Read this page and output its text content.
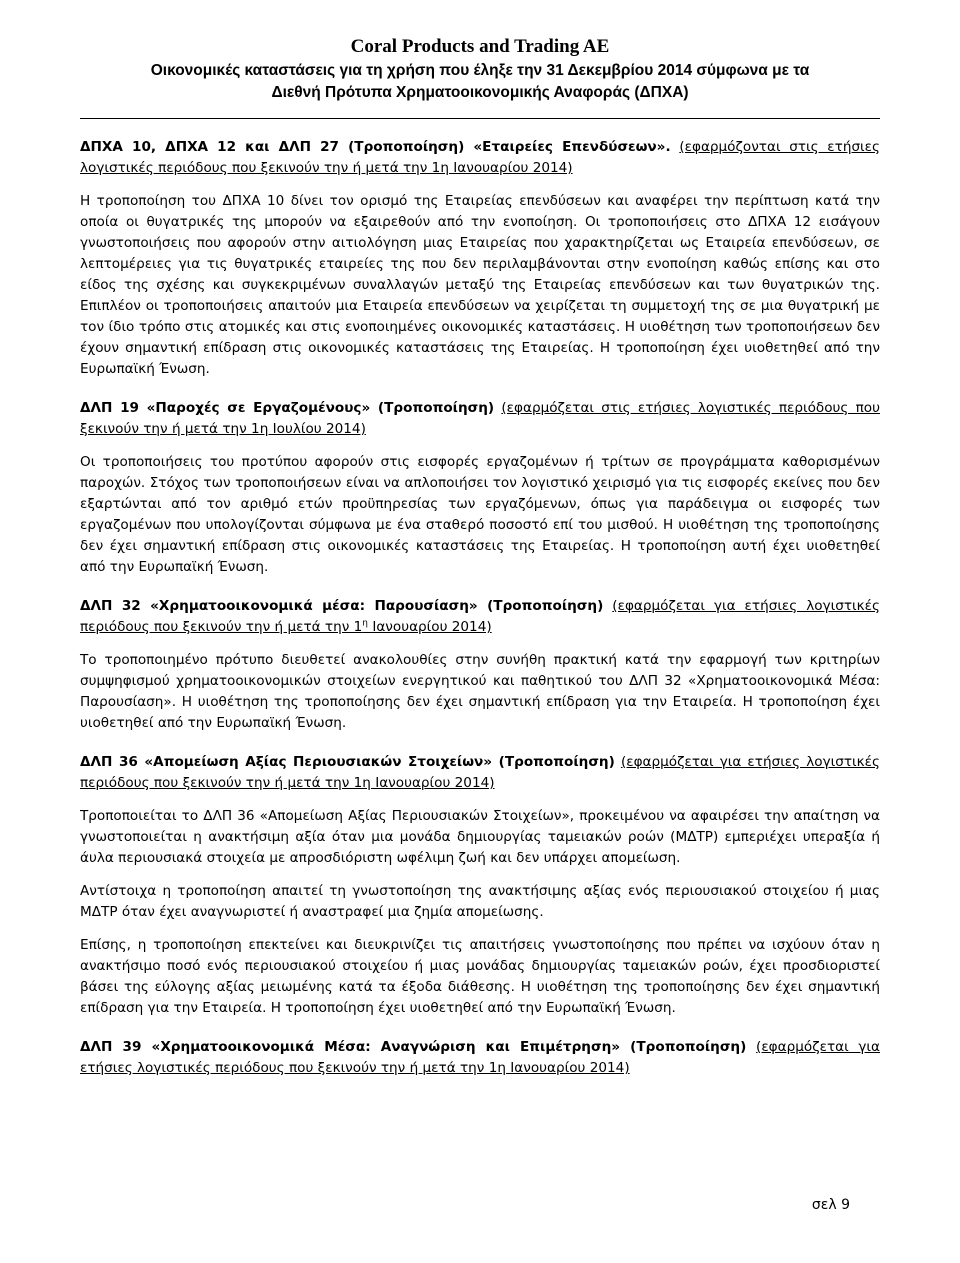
Coral Products and Trading AE

Οικονομικές καταστάσεις για τη χρήση που έληξε την 31 Δεκεμβρίου 2014 σύμφωνα με τα

Διεθνή Πρότυπα Χρηματοοικονομικής Αναφοράς (ΔΠΧΑ)

ΔΠΧΑ 10, ΔΠΧΑ 12 και ΔΛΠ 27 (Τροποποίηση) «Εταιρείες Επενδύσεων». (εφαρμόζονται στις ετήσιες λογιστικές περιόδους που ξεκινούν την ή μετά την 1η Ιανουαρίου 2014)

Η τροποποίηση του ΔΠΧΑ 10 δίνει τον ορισμό της Εταιρείας επενδύσεων και αναφέρει την περίπτωση κατά την οποία οι θυγατρικές της μπορούν να εξαιρεθούν από την ενοποίηση. Οι τροποποιήσεις στο ΔΠΧΑ 12 εισάγουν γνωστοποιήσεις που αφορούν στην αιτιολόγηση μιας Εταιρείας που χαρακτηρίζεται ως Εταιρεία επενδύσεων, σε λεπτομέρειες για τις θυγατρικές εταιρείες της που δεν περιλαμβάνονται στην ενοποίηση καθώς επίσης και στο είδος της σχέσης και συγκεκριμένων συναλλαγών μεταξύ της Εταιρείας επενδύσεων και των θυγατρικών της. Επιπλέον οι τροποποιήσεις απαιτούν μια Εταιρεία επενδύσεων να χειρίζεται τη συμμετοχή της σε μια θυγατρική με τον ίδιο τρόπο στις ατομικές και στις ενοποιημένες οικονομικές καταστάσεις. Η υιοθέτηση των τροποποιήσεων δεν έχουν σημαντική επίδραση στις οικονομικές καταστάσεις της Εταιρείας. Η τροποποίηση έχει υιοθετηθεί από την Ευρωπαϊκή Ένωση.

ΔΛΠ 19 «Παροχές σε Εργαζομένους» (Τροποποίηση) (εφαρμόζεται στις ετήσιες λογιστικές περιόδους που ξεκινούν την ή μετά την 1η Ιουλίου 2014)

Οι τροποποιήσεις του προτύπου αφορούν στις εισφορές εργαζομένων ή τρίτων σε προγράμματα καθορισμένων παροχών. Στόχος των τροποποιήσεων είναι να απλοποιήσει τον λογιστικό χειρισμό για τις εισφορές εκείνες που δεν εξαρτώνται από τον αριθμό ετών προϋπηρεσίας των εργαζόμενων, όπως για παράδειγμα οι εισφορές των εργαζομένων που υπολογίζονται σύμφωνα με ένα σταθερό ποσοστό επί του μισθού. Η υιοθέτηση της τροποποίησης δεν έχει σημαντική επίδραση στις οικονομικές καταστάσεις της Εταιρείας. Η τροποποίηση αυτή έχει υιοθετηθεί από την Ευρωπαϊκή Ένωση.

ΔΛΠ 32 «Χρηματοοικονομικά μέσα: Παρουσίαση» (Τροποποίηση) (εφαρμόζεται για ετήσιες λογιστικές περιόδους που ξεκινούν την ή μετά την $1^\eta$ Ιανουαρίου 2014)

Το τροποποιημένο πρότυπο διευθετεί ανακολουθίες στην συνήθη πρακτική κατά την εφαρμογή των κριτηρίων συμψηφισμού χρηματοοικονομικών στοιχείων ενεργητικού και παθητικού του ΔΛΠ 32 «Χρηματοοικονομικά Μέσα: Παρουσίαση». Η υιοθέτηση της τροποποίησης δεν έχει σημαντική επίδραση για την Εταιρεία. Η τροποποίηση έχει υιοθετηθεί από την Ευρωπαϊκή Ένωση.

ΔΛΠ 36 «Απομείωση Αξίας Περιουσιακών Στοιχείων» (Τροποποίηση) (εφαρμόζεται για ετήσιες λογιστικές περιόδους που ξεκινούν την ή μετά την 1η Ιανουαρίου 2014)

Τροποποιείται το ΔΛΠ 36 «Απομείωση Αξίας Περιουσιακών Στοιχείων», προκειμένου να αφαιρέσει την απαίτηση να γνωστοποιείται η ανακτήσιμη αξία όταν μια μονάδα δημιουργίας ταμειακών ροών (ΜΔΤΡ) εμπεριέχει υπεραξία ή άυλα περιουσιακά στοιχεία με απροσδιόριστη ωφέλιμη ζωή και δεν υπάρχει απομείωση.

Αντίστοιχα η τροποποίηση απαιτεί τη γνωστοποίηση της ανακτήσιμης αξίας ενός περιουσιακού στοιχείου ή μιας ΜΔΤΡ όταν έχει αναγνωριστεί ή αναστραφεί μια ζημία απομείωσης.

Επίσης, η τροποποίηση επεκτείνει και διευκρινίζει τις απαιτήσεις γνωστοποίησης που πρέπει να ισχύουν όταν η ανακτήσιμο ποσό ενός περιουσιακού στοιχείου ή μιας μονάδας δημιουργίας ταμειακών ροών, έχει προσδιοριστεί βάσει της εύλογης αξίας μειωμένης κατά τα έξοδα διάθεσης. Η υιοθέτηση της τροποποίησης δεν έχει σημαντική επίδραση για την Εταιρεία. Η τροποποίηση έχει υιοθετηθεί από την Ευρωπαϊκή Ένωση.

ΔΛΠ 39 «Χρηματοοικονομικά Μέσα: Αναγνώριση και Επιμέτρηση» (Τροποποίηση) (εφαρμόζεται για ετήσιες λογιστικές περιόδους που ξεκινούν την ή μετά την 1η Ιανουαρίου 2014)

σελ 9
